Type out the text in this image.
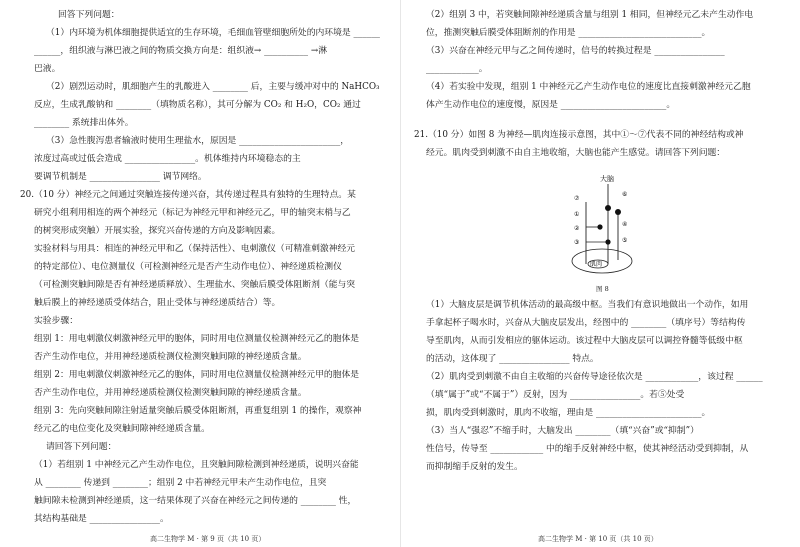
回答下列问题：
（1）内环境为机体细胞提供适宜的生存环境，毛细血管壁细胞所处的内环境是 ______
______，组织液与淋巴液之间的物质交换方向是：组织液→ __________ →淋
巴液。
（2）剧烈运动时，肌细胞产生的乳酸进入 ________ 后，主要与缓冲对中的 NaHCO₃
反应，生成乳酸钠和 ________（填物质名称），其可分解为 CO₂ 和 H₂O，CO₂ 通过
________ 系统排出体外。
（3）急性腹泻患者输液时使用生理盐水，原因是 _______________________，
浓度过高或过低会造成 ________________。机体维持内环境稳态的主
要调节机制是 ________________ 调节网络。
20.（10 分）神经元之间通过突触连接传递兴奋，其传递过程具有独特的生理特点。某
研究小组利用相连的两个神经元（标记为神经元甲和神经元乙，甲的轴突末梢与乙
的树突形成突触）开展实验，探究兴奋传递的方向及影响因素。
实验材料与用具：相连的神经元甲和乙（保持活性）、电刺激仪（可精准刺激神经元
的特定部位）、电位测量仪（可检测神经元是否产生动作电位）、神经递质检测仪
（可检测突触间隙是否有神经递质释放）、生理盐水、突触后膜受体阻断剂（能与突
触后膜上的神经递质受体结合，阻止受体与神经递质结合）等。
实验步骤：
组别 1：用电刺激仪刺激神经元甲的胞体，同时用电位测量仪检测神经元乙的胞体是
否产生动作电位，并用神经递质检测仪检测突触间隙的神经递质含量。
组别 2：用电刺激仪刺激神经元乙的胞体，同时用电位测量仪检测神经元甲的胞体是
否产生动作电位，并用神经递质检测仪检测突触间隙的神经递质含量。
组别 3：先向突触间隙注射适量突触后膜受体阻断剂，再重复组别 1 的操作，观察神
经元乙的电位变化及突触间隙神经递质含量。
请回答下列问题：
（1）若组别 1 中神经元乙产生动作电位，且突触间隙检测到神经递质，说明兴奋能
从 ________ 传递到 ________；组别 2 中若神经元甲未产生动作电位，且突
触间隙未检测到神经递质，这一结果体现了兴奋在神经元之间传递的 ________ 性，
其结构基础是 ________________。
高二生物学 M · 第 9 页（共 10 页）
（2）组别 3 中，若突触间隙神经递质含量与组别 1 相同，但神经元乙未产生动作电
位，推测突触后膜受体阻断剂的作用是 ____________________________。
（3）兴奋在神经元甲与乙之间传递时，信号的转换过程是 ________________
____________。
（4）若实验中发现，组别 1 中神经元乙产生动作电位的速度比直接刺激神经元乙胞
体产生动作电位的速度慢，原因是 ________________________。
21.（10 分）如图 8 为神经—肌肉连接示意图，其中①～⑦代表不同的神经结构或神
经元。肌肉受到刺激不由自主地收缩，大脑也能产生感觉。请回答下列问题：
（1）大脑皮层是调节机体活动的最高级中枢。当我们有意识地做出一个动作，如用
手拿起杯子喝水时，兴奋从大脑皮层发出，经图中的 ________（填序号）等结构传
导至肌肉，从而引发相应的躯体运动。该过程中大脑皮层可以调控脊髓等低级中枢
的活动，这体现了 ________________ 特点。
（2）肌肉受到刺激不由自主收缩的兴奋传导途径依次是 ____________，该过程 ______
（填“属于”或“不属于”）反射，因为 ________________。若⑤处受
损，肌肉受到刺激时，肌肉不收缩，理由是 ________________________。
（3）当人“强忍”不缩手时，大脑发出 ________（填“兴奋”或“抑制”）
性信号，传导至 ____________ 中的缩手反射神经中枢，使其神经活动受到抑制，从
而抑制缩手反射的发生。
高二生物学 M · 第 10 页（共 10 页）
大脑
肌肉
①
②
③
④
⑤
⑥
⑦
图 8
